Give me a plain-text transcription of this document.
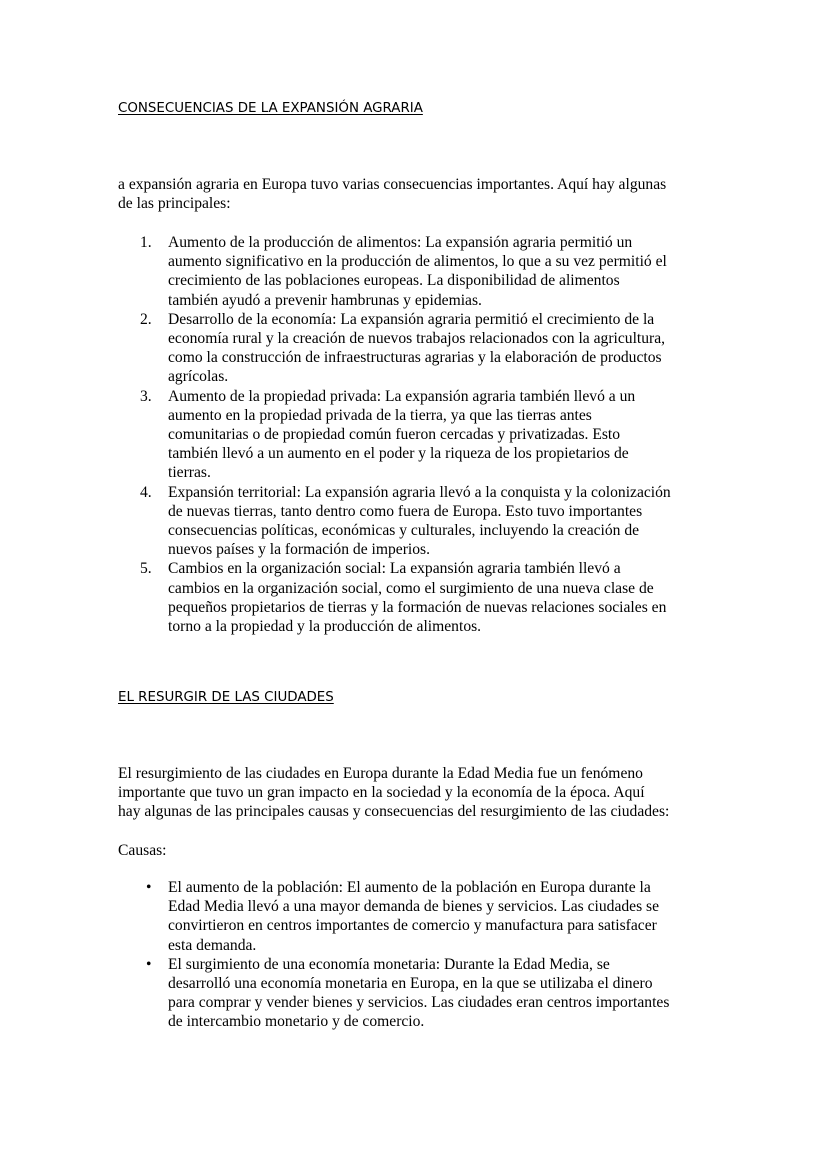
CONSECUENCIAS DE LA EXPANSIÓN AGRARIA

a expansión agraria en Europa tuvo varias consecuencias importantes. Aquí hay algunas
de las principales:

1.	Aumento de la producción de alimentos: La expansión agraria permitió un
aumento significativo en la producción de alimentos, lo que a su vez permitió el
crecimiento de las poblaciones europeas. La disponibilidad de alimentos
también ayudó a prevenir hambrunas y epidemias.
2.	Desarrollo de la economía: La expansión agraria permitió el crecimiento de la
economía rural y la creación de nuevos trabajos relacionados con la agricultura,
como la construcción de infraestructuras agrarias y la elaboración de productos
agrícolas.
3.	Aumento de la propiedad privada: La expansión agraria también llevó a un
aumento en la propiedad privada de la tierra, ya que las tierras antes
comunitarias o de propiedad común fueron cercadas y privatizadas. Esto
también llevó a un aumento en el poder y la riqueza de los propietarios de
tierras.
4.	Expansión territorial: La expansión agraria llevó a la conquista y la colonización
de nuevas tierras, tanto dentro como fuera de Europa. Esto tuvo importantes
consecuencias políticas, económicas y culturales, incluyendo la creación de
nuevos países y la formación de imperios.
5.	Cambios en la organización social: La expansión agraria también llevó a
cambios en la organización social, como el surgimiento de una nueva clase de
pequeños propietarios de tierras y la formación de nuevas relaciones sociales en
torno a la propiedad y la producción de alimentos.
EL RESURGIR DE LAS CIUDADES

El resurgimiento de las ciudades en Europa durante la Edad Media fue un fenómeno
importante que tuvo un gran impacto en la sociedad y la economía de la época. Aquí
hay algunas de las principales causas y consecuencias del resurgimiento de las ciudades:

Causas:

•	El aumento de la población: El aumento de la población en Europa durante la
Edad Media llevó a una mayor demanda de bienes y servicios. Las ciudades se
convirtieron en centros importantes de comercio y manufactura para satisfacer
esta demanda.
•	El surgimiento de una economía monetaria: Durante la Edad Media, se
desarrolló una economía monetaria en Europa, en la que se utilizaba el dinero
para comprar y vender bienes y servicios. Las ciudades eran centros importantes
de intercambio monetario y de comercio.
